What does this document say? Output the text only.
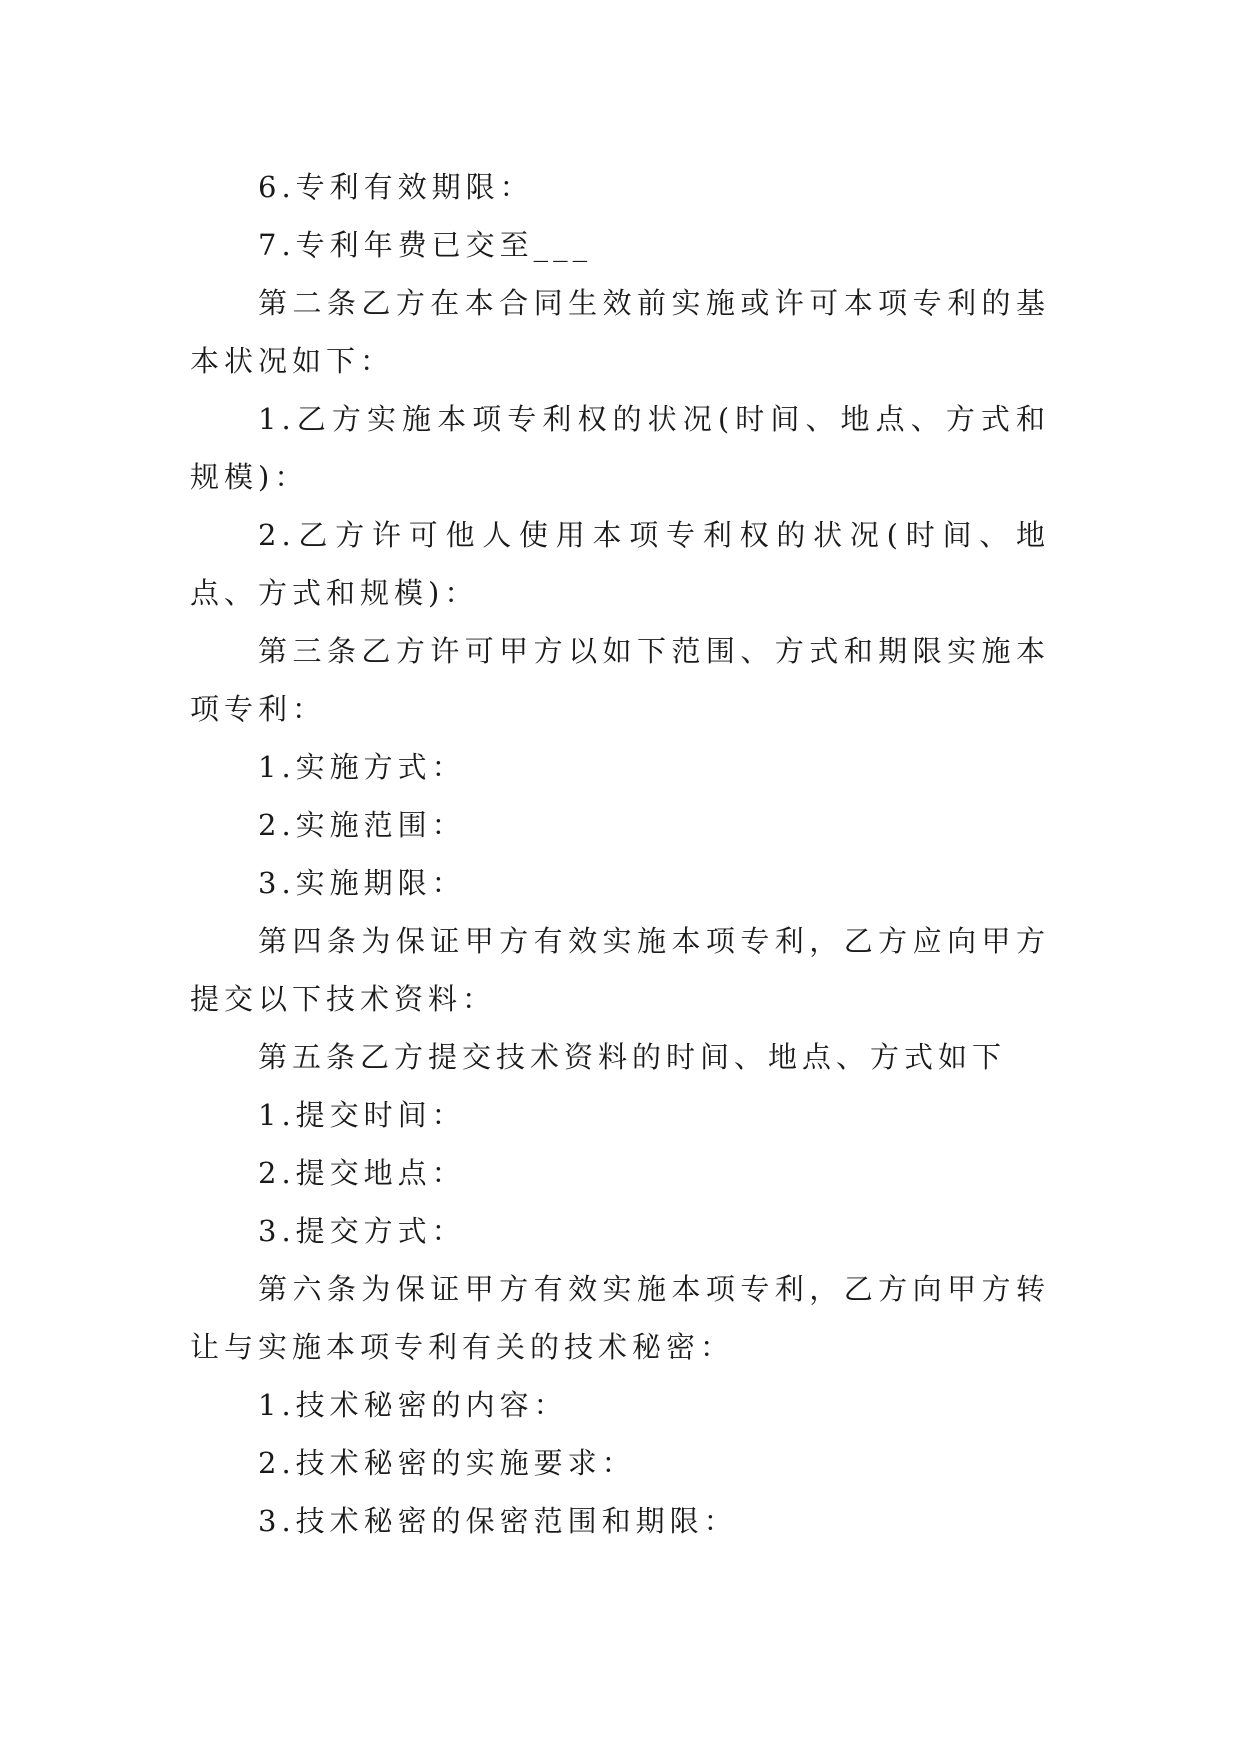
6.专利有效期限：

7.专利年费已交至___

第二条乙方在本合同生效前实施或许可本项专利的基本状况如下：

1.乙方实施本项专利权的状况(时间、地点、方式和规模)：

2.乙方许可他人使用本项专利权的状况(时间、地点、方式和规模)：

第三条乙方许可甲方以如下范围、方式和期限实施本项专利：

1.实施方式：

2.实施范围：

3.实施期限：

第四条为保证甲方有效实施本项专利，乙方应向甲方提交以下技术资料：

第五条乙方提交技术资料的时间、地点、方式如下

1.提交时间：

2.提交地点：

3.提交方式：

第六条为保证甲方有效实施本项专利，乙方向甲方转让与实施本项专利有关的技术秘密：

1.技术秘密的内容：

2.技术秘密的实施要求：

3.技术秘密的保密范围和期限：
